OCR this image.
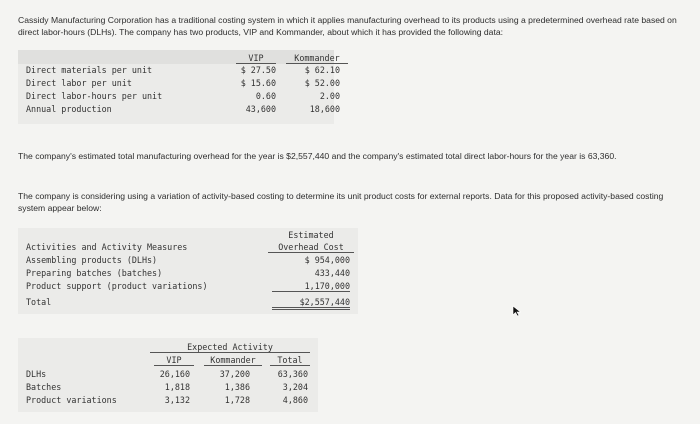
Cassidy Manufacturing Corporation has a traditional costing system in which it applies manufacturing overhead to its products using a predetermined overhead rate based on direct labor-hours (DLHs). The company has two products, VIP and Kommander, about which it has provided the following data:
VIP	Kommander
Direct materials per unit	$ 27.50	$ 62.10
Direct labor per unit	$ 15.60	$ 52.00
Direct labor-hours per unit	0.60	2.00
Annual production	43,600	18,600
The company's estimated total manufacturing overhead for the year is $2,557,440 and the company's estimated total direct labor-hours for the year is 63,360.
The company is considering using a variation of activity-based costing to determine its unit product costs for external reports. Data for this proposed activity-based costing system appear below:
Estimated
Overhead Cost
Activities and Activity Measures
Assembling products (DLHs)	$ 954,000
Preparing batches (batches)	433,440
Product support (product variations)	1,170,000
Total	$2,557,440
Expected Activity
VIP	Kommander	Total
DLHs	26,160	37,200	63,360
Batches	1,818	1,386	3,204
Product variations	3,132	1,728	4,860
